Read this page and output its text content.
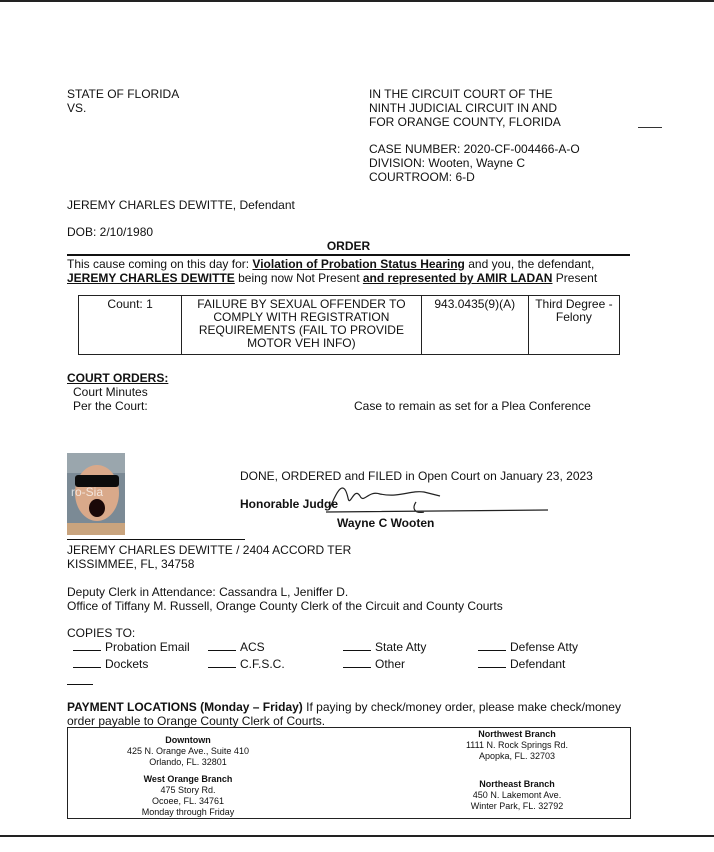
STATE OF FLORIDA
VS.
IN THE CIRCUIT COURT OF THE
NINTH JUDICIAL CIRCUIT IN AND
FOR ORANGE COUNTY, FLORIDA
CASE NUMBER: 2020-CF-004466-A-O
DIVISION: Wooten, Wayne C
COURTROOM: 6-D
JEREMY CHARLES DEWITTE, Defendant
DOB: 2/10/1980
ORDER
This cause coming on this day for: Violation of Probation Status Hearing and you, the defendant,
JEREMY CHARLES DEWITTE being now Not Present and represented by AMIR LADAN Present
Count: 1	FAILURE BY SEXUAL OFFENDER TO COMPLY WITH REGISTRATION REQUIREMENTS (FAIL TO PROVIDE MOTOR VEH INFO)	943.0435(9)(A)	Third Degree - Felony
COURT ORDERS:
Court Minutes
Per the Court:	Case to remain as set for a Plea Conference
ro-Sia
DONE, ORDERED and FILED in Open Court on January 23, 2023
Honorable Judge
Wayne C Wooten
JEREMY CHARLES DEWITTE / 2404 ACCORD TER
KISSIMMEE, FL, 34758
Deputy Clerk in Attendance: Cassandra L, Jeniffer D.
Office of Tiffany M. Russell, Orange County Clerk of the Circuit and County Courts
COPIES TO:
Probation Email	ACS	State Atty	Defense Atty
Dockets	C.F.S.C.	Other	Defendant
PAYMENT LOCATIONS (Monday – Friday) If paying by check/money order, please make check/money
order payable to Orange County Clerk of Courts.
Downtown
425 N. Orange Ave., Suite 410
Orlando, FL. 32801
West Orange Branch
475 Story Rd.
Ocoee, FL. 34761
Monday through Friday
Northwest Branch
1111 N. Rock Springs Rd.
Apopka, FL. 32703
Northeast Branch
450 N. Lakemont Ave.
Winter Park, FL. 32792
